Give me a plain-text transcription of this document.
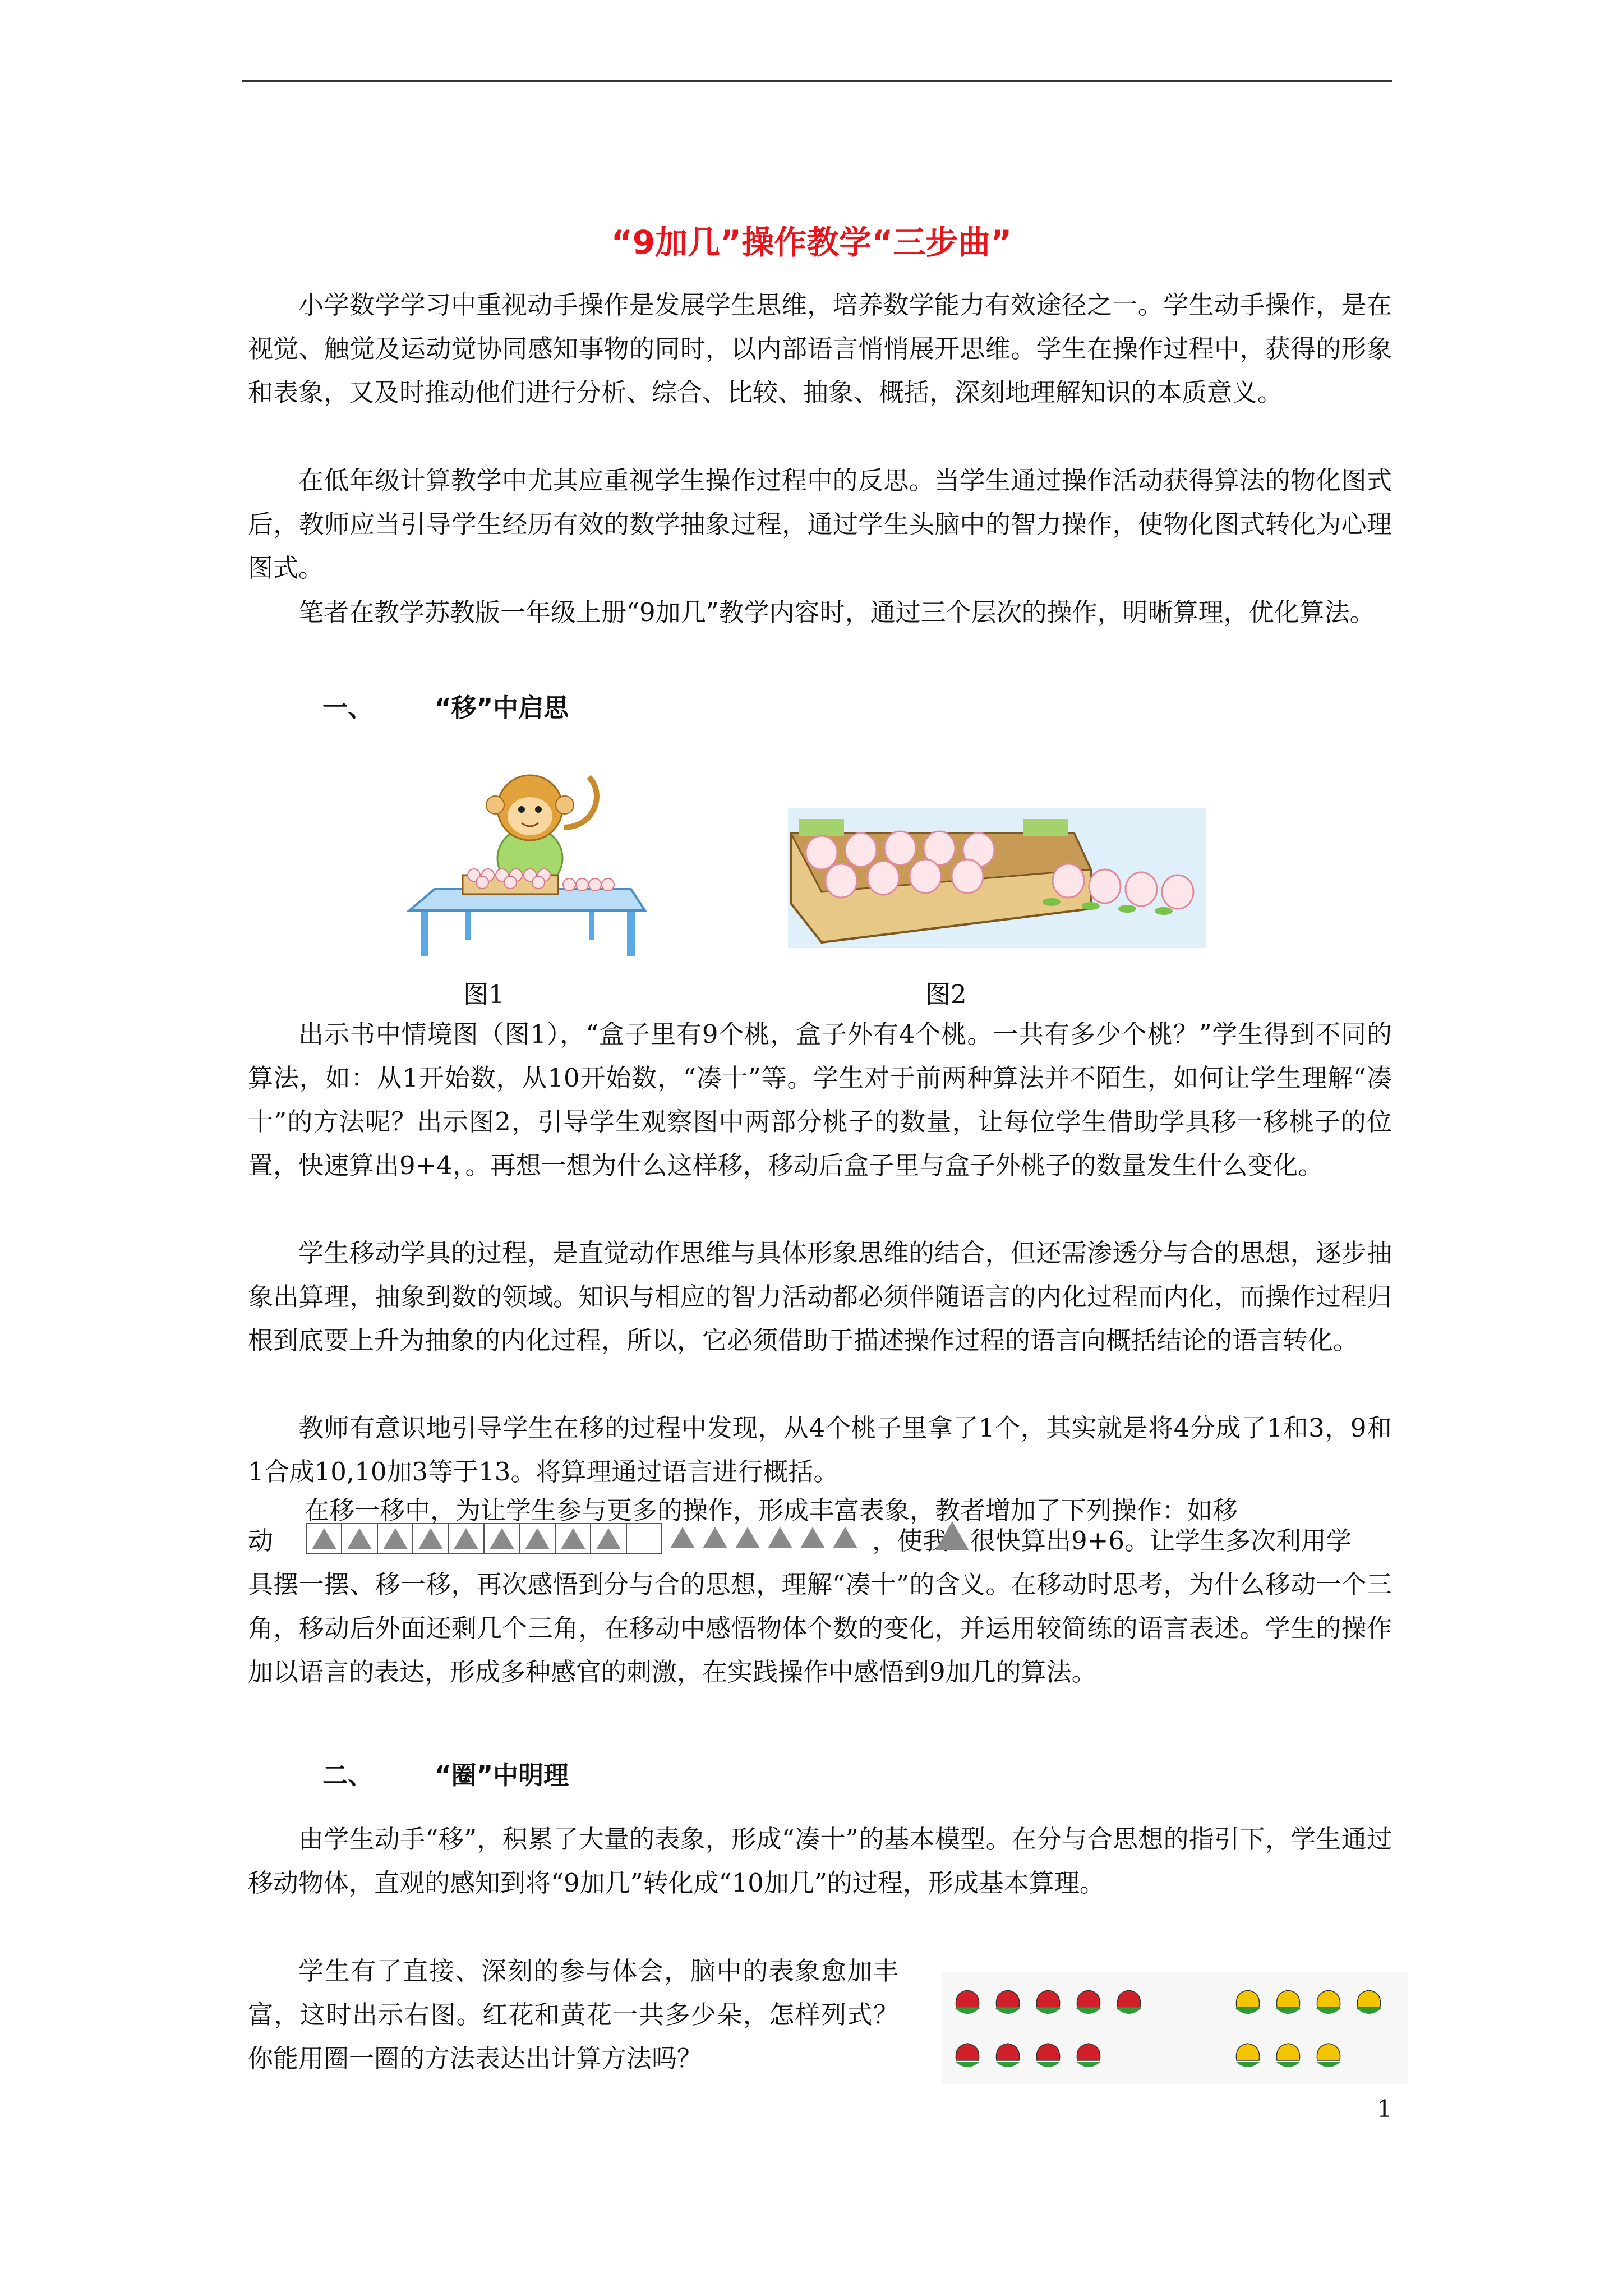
“9加几”操作教学“三步曲”

小学数学学习中重视动手操作是发展学生思维，培养数学能力有效途径之一。学生动手操作，是在视觉、触觉及运动觉协同感知事物的同时，以内部语言悄悄展开思维。学生在操作过程中，获得的形象和表象，又及时推动他们进行分析、综合、比较、抽象、概括，深刻地理解知识的本质意义。

在低年级计算教学中尤其应重视学生操作过程中的反思。当学生通过操作活动获得算法的物化图式后，教师应当引导学生经历有效的数学抽象过程，通过学生头脑中的智力操作，使物化图式转化为心理图式。

笔者在教学苏教版一年级上册“9加几”教学内容时，通过三个层次的操作，明晰算理，优化算法。

一、 “移”中启思
图1	图2

出示书中情境图（图1），“盒子里有9个桃，盒子外有4个桃。一共有多少个桃？”学生得到不同的算法，如：从1开始数，从10开始数，“凑十”等。学生对于前两种算法并不陌生，如何让学生理解“凑十”的方法呢？出示图2，引导学生观察图中两部分桃子的数量，让每位学生借助学具移一移桃子的位置，快速算出9+4，。再想一想为什么这样移，移动后盒子里与盒子外桃子的数量发生什么变化。

学生移动学具的过程，是直觉动作思维与具体形象思维的结合，但还需渗透分与合的思想，逐步抽象出算理，抽象到数的领域。知识与相应的智力活动都必须伴随语言的内化过程而内化，而操作过程归根到底要上升为抽象的内化过程，所以，它必须借助于描述操作过程的语言向概括结论的语言转化。

教师有意识地引导学生在移的过程中发现，从4个桃子里拿了1个，其实就是将4分成了1和3，9和1合成10,10加3等于13。将算理通过语言进行概括。

在移一移中，为让学生参与更多的操作，形成丰富表象，教者增加了下列操作：如移

动	，使我 很快算出9+6。让学生多次利用学

具摆一摆、移一移，再次感悟到分与合的思想，理解“凑十”的含义。在移动时思考，为什么移动一个三角，移动后外面还剩几个三角，在移动中感悟物体个数的变化，并运用较简练的语言表述。学生的操作加以语言的表达，形成多种感官的刺激，在实践操作中感悟到9加几的算法。

二、 “圈”中明理

由学生动手“移”，积累了大量的表象，形成“凑十”的基本模型。在分与合思想的指引下，学生通过移动物体，直观的感知到将“9加几”转化成“10加几”的过程，形成基本算理。

学生有了直接、深刻的参与体会，脑中的表象愈加丰富，这时出示右图。红花和黄花一共多少朵，怎样列式？你能用圈一圈的方法表达出计算方法吗？

1
